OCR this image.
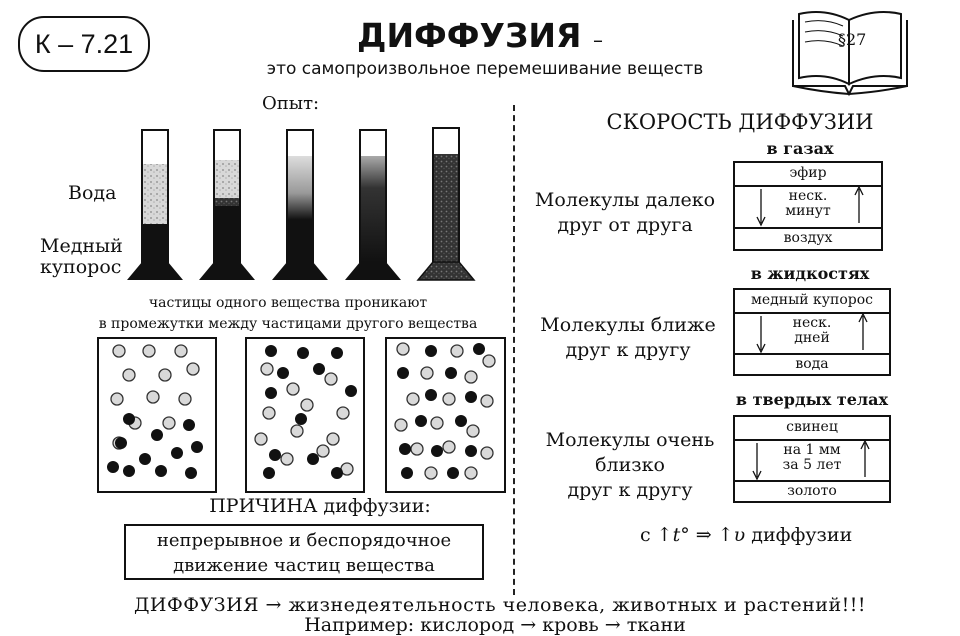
К – 7.21	ДИФФУЗИЯ –
это самопроизвольное перемешивание веществ
§27
Опыт:
Вода
Медный
купорос
частицы одного вещества проникают
в промежутки между частицами другого вещества
ПРИЧИНА диффузии:
непрерывное и беспорядочное
движение частиц вещества
СКОРОСТЬ ДИФФУЗИИ
в газах
Молекулы далеко
друг от друга
эфир
неск.
минут
воздух
в жидкостях
Молекулы ближе
друг к другу
медный купорос
неск.
дней
вода
в твердых телах
Молекулы очень
близко
друг к другу
свинец
на 1 мм
за 5 лет
золото
с ↑t° ⇒ ↑υ диффузии
ДИФФУЗИЯ → жизнедеятельность человека, животных и растений!!!
Например: кислород → кровь → ткани
